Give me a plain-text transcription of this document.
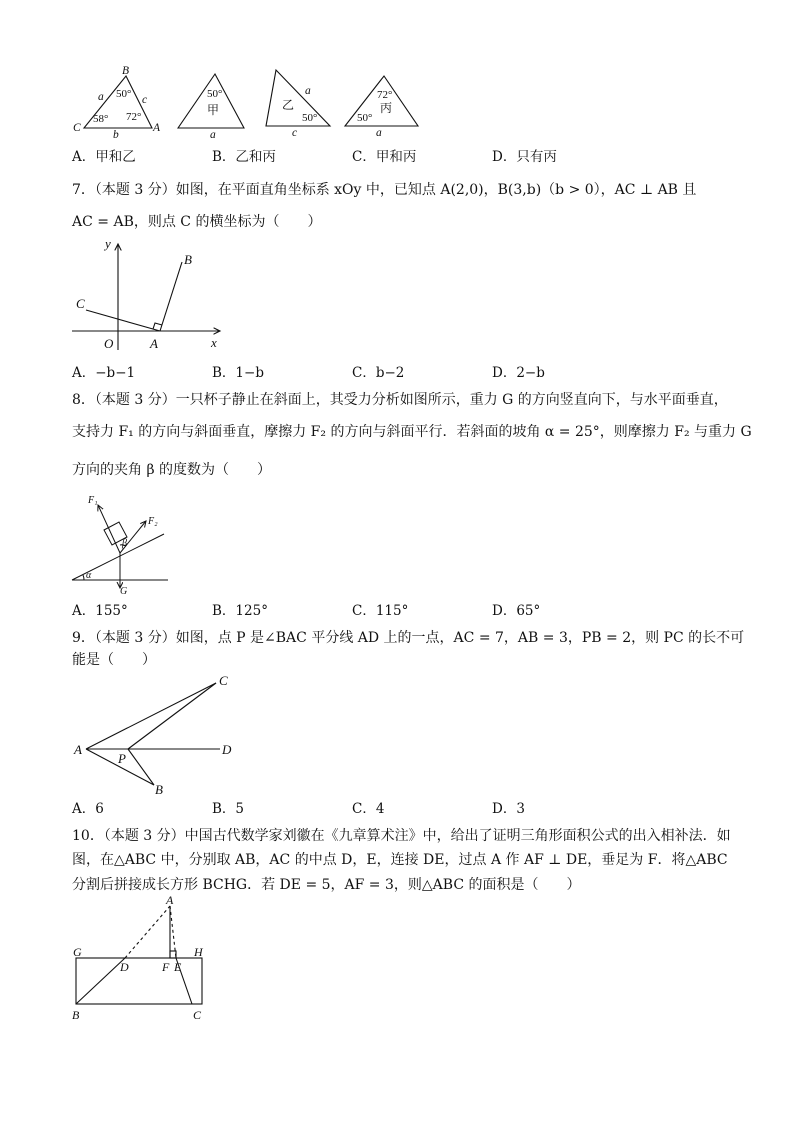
B
a	c
50°
58° 72°
C
b
A
50°
甲
a
乙
a
50°
c
72°
丙
50°
a
A．甲和乙	B．乙和丙	C．甲和丙	D．只有丙
7．（本题 3 分）如图，在平面直角坐标系 xOy 中，已知点 A(2,0)，B(3,b)（b > 0），AC ⊥ AB 且
AC = AB，则点 C 的横坐标为（　　）
y
B
C
O	A	x
A．−b−1	B．1−b	C．b−2	D．2−b
8．（本题 3 分）一只杯子静止在斜面上，其受力分析如图所示，重力 G 的方向竖直向下，与水平面垂直，
支持力 F₁ 的方向与斜面垂直，摩擦力 F₂ 的方向与斜面平行．若斜面的坡角 α = 25°，则摩擦力 F₂ 与重力 G
方向的夹角 β 的度数为（　　）
F₁
F₂
β
α
G
A．155°	B．125°	C．115°	D．65°
9．（本题 3 分）如图，点 P 是∠BAC 平分线 AD 上的一点，AC = 7，AB = 3，PB = 2，则 PC 的长不可
能是（　　）
C
A
P
D
B
A．6	B．5	C．4	D．3
10．（本题 3 分）中国古代数学家刘徽在《九章算术注》中，给出了证明三角形面积公式的出入相补法．如
图，在△ABC 中，分别取 AB，AC 的中点 D，E，连接 DE，过点 A 作 AF ⊥ DE，垂足为 F．将△ABC
分割后拼接成长方形 BCHG．若 DE = 5，AF = 3，则△ABC 的面积是（　　）
A
G
D	F E
H
B	C
